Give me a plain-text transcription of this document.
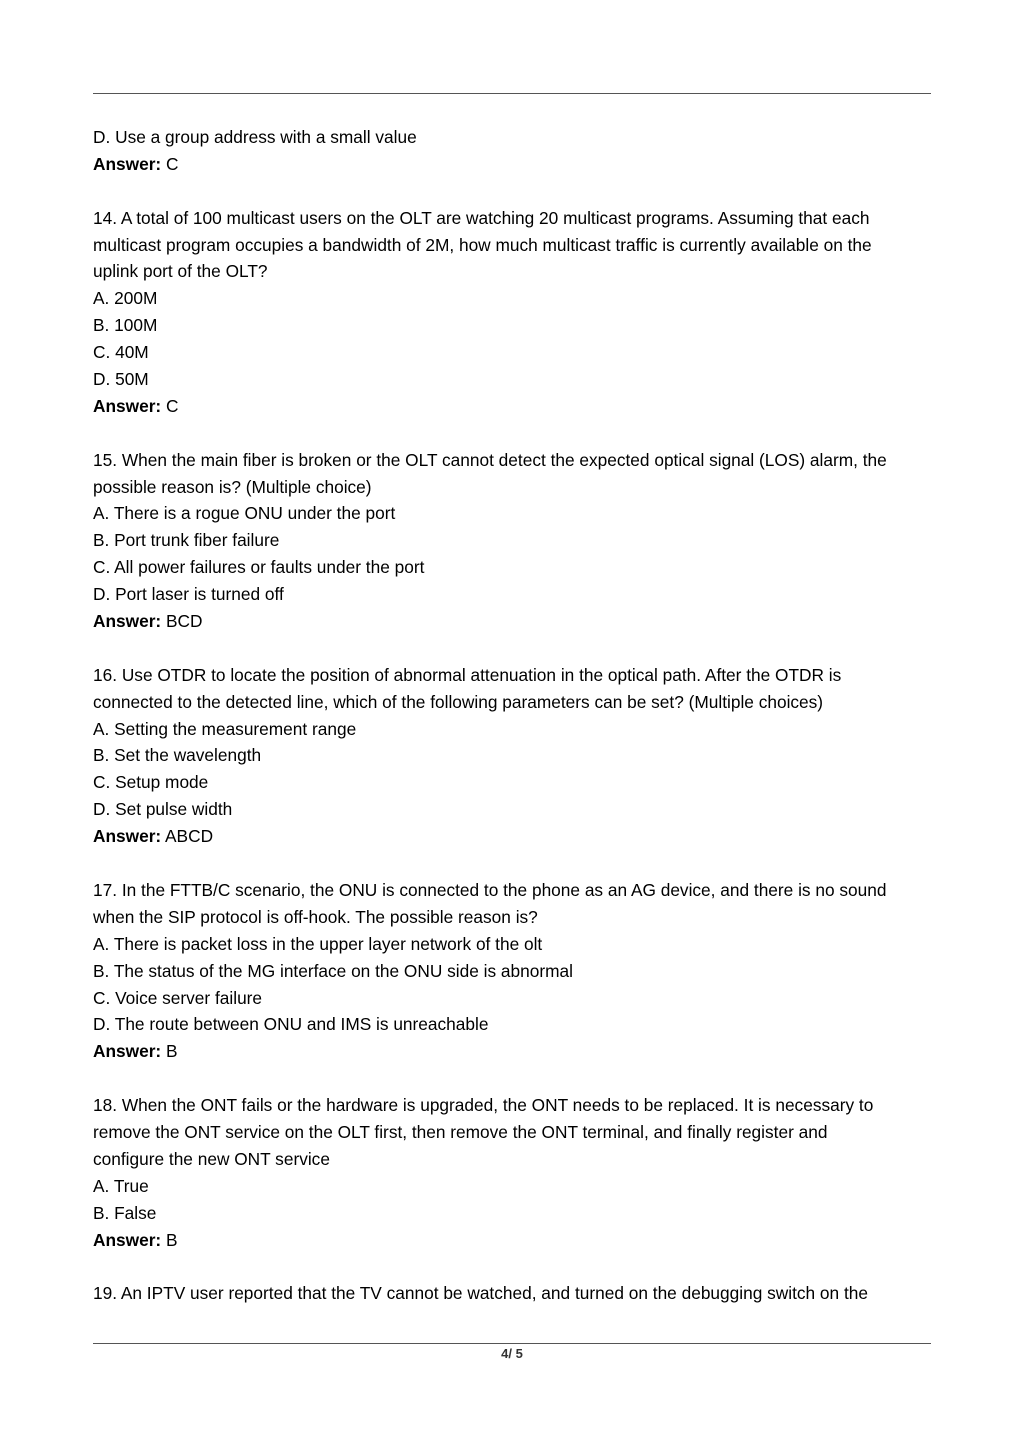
D. Use a group address with a small value
Answer: C
14. A total of 100 multicast users on the OLT are watching 20 multicast programs. Assuming that each
multicast program occupies a bandwidth of 2M, how much multicast traffic is currently available on the
uplink port of the OLT?
A. 200M
B. 100M
C. 40M
D. 50M
Answer: C
15. When the main fiber is broken or the OLT cannot detect the expected optical signal (LOS) alarm, the
possible reason is? (Multiple choice)
A. There is a rogue ONU under the port
B. Port trunk fiber failure
C. All power failures or faults under the port
D. Port laser is turned off
Answer: BCD
16. Use OTDR to locate the position of abnormal attenuation in the optical path. After the OTDR is
connected to the detected line, which of the following parameters can be set? (Multiple choices)
A. Setting the measurement range
B. Set the wavelength
C. Setup mode
D. Set pulse width
Answer: ABCD
17. In the FTTB/C scenario, the ONU is connected to the phone as an AG device, and there is no sound
when the SIP protocol is off-hook. The possible reason is?
A. There is packet loss in the upper layer network of the olt
B. The status of the MG interface on the ONU side is abnormal
C. Voice server failure
D. The route between ONU and IMS is unreachable
Answer: B
18. When the ONT fails or the hardware is upgraded, the ONT needs to be replaced. It is necessary to
remove the ONT service on the OLT first, then remove the ONT terminal, and finally register and
configure the new ONT service
A. True
B. False
Answer: B
19. An IPTV user reported that the TV cannot be watched, and turned on the debugging switch on the
4/ 5
